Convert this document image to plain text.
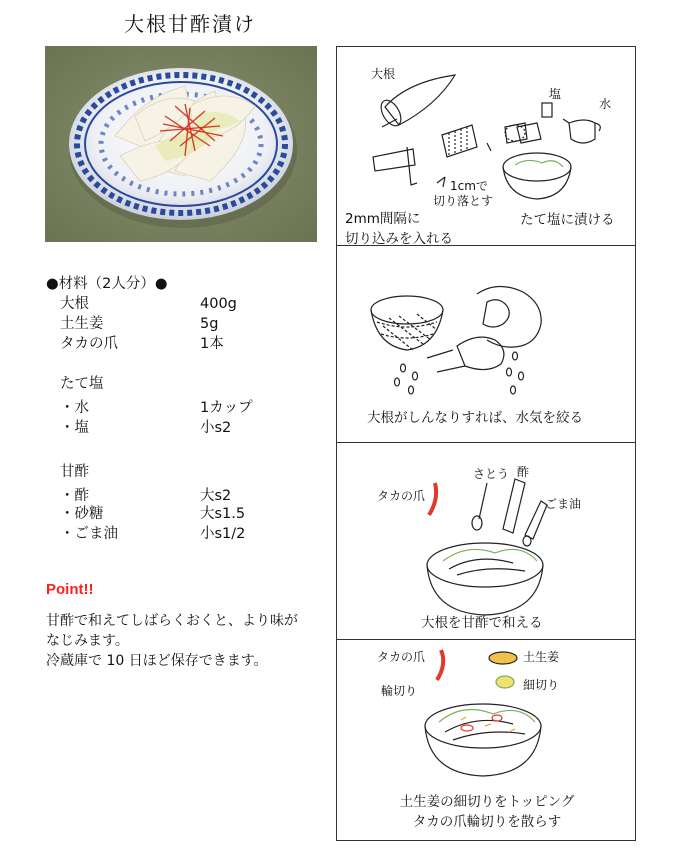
大根甘酢漬け
●材料（2人分）●
大根	400g
土生姜	5g
タカの爪	1本
たて塩
・水	1カップ
・塩	小s2
甘酢
・酢	大s2
・砂糖	大s1.5
・ごま油	小s1/2
Point!!
甘酢で和えてしばらくおくと、より味が
なじみます。
冷蔵庫で 10 日ほど保存できます。
大根
塩
水
1cmで
切り落とす
2mm間隔に
切り込みを入れる
たて塩に漬ける
大根がしんなりすれば、水気を絞る
タカの爪
さとう 酢
ごま油
大根を甘酢で和える
タカの爪
輪切り
土生姜
細切り
土生姜の細切りをトッピング
タカの爪輪切りを散らす
